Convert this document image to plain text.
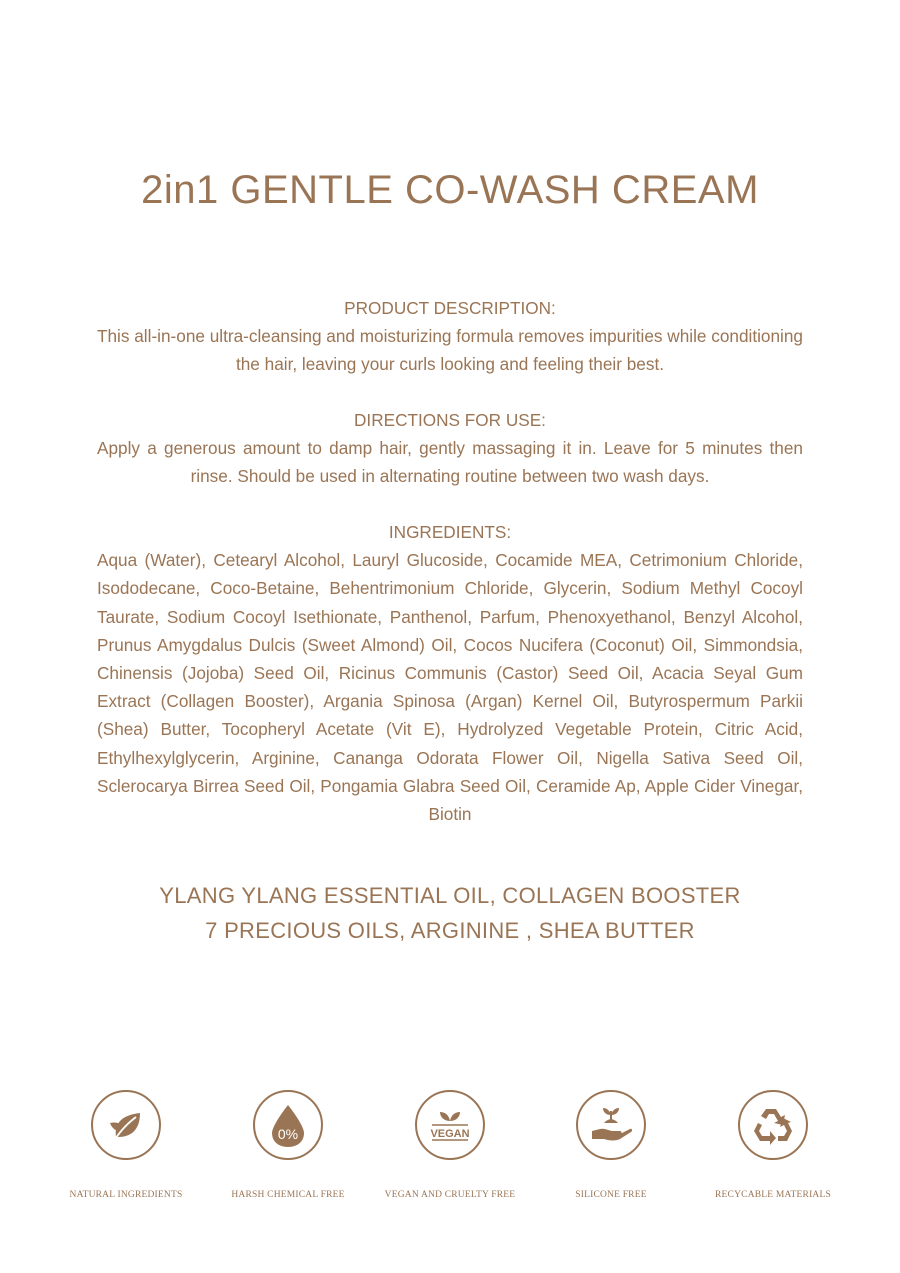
2in1 GENTLE CO-WASH CREAM
PRODUCT DESCRIPTION:

This all-in-one ultra-cleansing and moisturizing formula removes impurities while conditioning the hair, leaving your curls looking and feeling their best.

DIRECTIONS FOR USE:

Apply a generous amount to damp hair, gently massaging it in. Leave for 5 minutes then rinse. Should be used in alternating routine between two wash days.

INGREDIENTS:

Aqua (Water), Cetearyl Alcohol, Lauryl Glucoside, Cocamide MEA, Cetrimonium Chloride, Isododecane, Coco-Betaine, Behentrimonium Chloride, Glycerin, Sodium Methyl Cocoyl Taurate, Sodium Cocoyl Isethionate, Panthenol, Parfum, Phenoxyethanol, Benzyl Alcohol, Prunus Amygdalus Dulcis (Sweet Almond) Oil, Cocos Nucifera (Coconut) Oil, Simmondsia, Chinensis (Jojoba) Seed Oil, Ricinus Communis (Castor) Seed Oil, Acacia Seyal Gum Extract (Collagen Booster), Argania Spinosa (Argan) Kernel Oil, Butyrospermum Parkii (Shea) Butter, Tocopheryl Acetate (Vit E), Hydrolyzed Vegetable Protein, Citric Acid, Ethylhexylglycerin, Arginine, Cananga Odorata Flower Oil, Nigella Sativa Seed Oil, Sclerocarya Birrea Seed Oil, Pongamia Glabra Seed Oil, Ceramide Ap, Apple Cider Vinegar, Biotin

YLANG YLANG ESSENTIAL OIL, COLLAGEN BOOSTER
7 PRECIOUS OILS, ARGININE , SHEA BUTTER
NATURAL INGREDIENTS
0%
HARSH CHEMICAL FREE
VEGAN
VEGAN AND CRUELTY FREE	SILICONE FREE	RECYCABLE MATERIALS
